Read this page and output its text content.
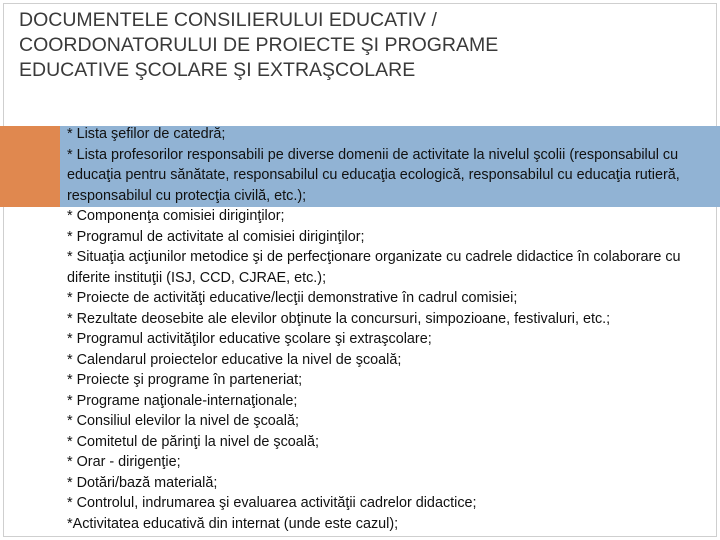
DOCUMENTELE CONSILIERULUI EDUCATIV /
COORDONATORULUI DE PROIECTE ŞI PROGRAME
EDUCATIVE ŞCOLARE ŞI EXTRAŞCOLARE
* Lista şefilor de catedră;
* Lista profesorilor responsabili pe diverse domenii de activitate la nivelul şcolii (responsabilul cu educaţia pentru sănătate, responsabilul cu educaţia ecologică, responsabilul cu educaţia rutieră, responsabilul cu protecţia civilă, etc.);
* Componenţa comisiei diriginţilor;
* Programul de activitate al comisiei diriginţilor;
* Situaţia acţiunilor metodice şi de perfecţionare organizate cu cadrele didactice în colaborare cu diferite instituţii (ISJ, CCD, CJRAE, etc.);
* Proiecte de activităţi educative/lecţii demonstrative în cadrul comisiei;
* Rezultate deosebite ale elevilor obţinute la concursuri, simpozioane, festivaluri, etc.;
* Programul activităţilor educative şcolare şi extraşcolare;
* Calendarul proiectelor educative la nivel de şcoală;
* Proiecte şi programe în parteneriat;
* Programe naţionale-internaţionale;
* Consiliul elevilor la nivel de şcoală;
* Comitetul de părinţi la nivel de şcoală;
* Orar - dirigenţie;
* Dotări/bază materială;
* Controlul, indrumarea şi evaluarea activităţii cadrelor didactice;
*Activitatea educativă din internat (unde este cazul);
